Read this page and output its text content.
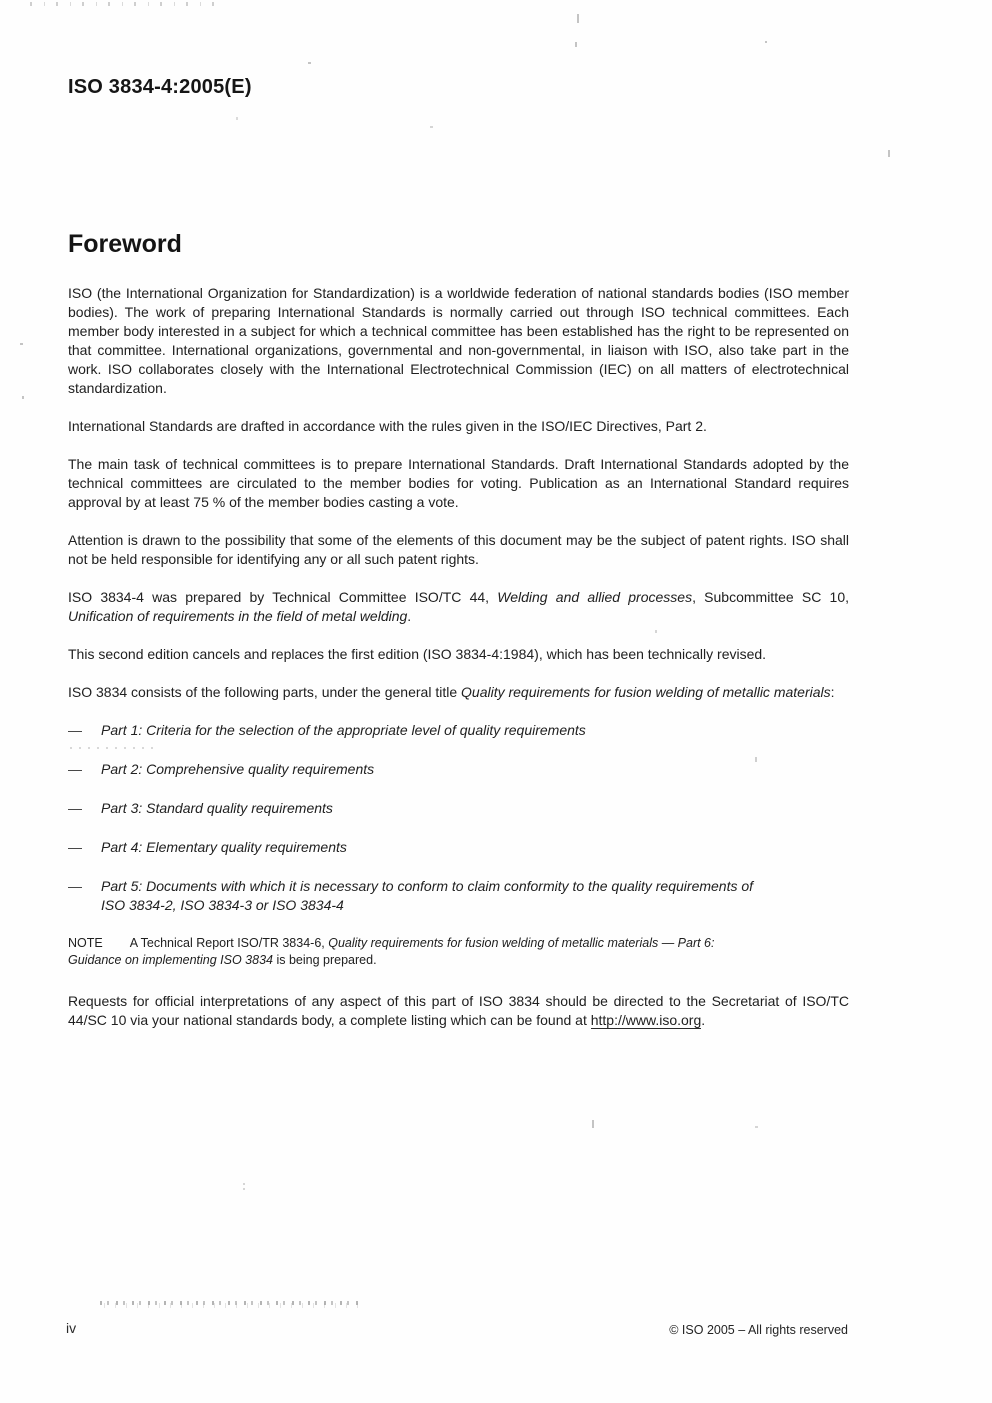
ISO 3834-4:2005(E)
Foreword

ISO (the International Organization for Standardization) is a worldwide federation of national standards bodies (ISO member bodies). The work of preparing International Standards is normally carried out through ISO technical committees. Each member body interested in a subject for which a technical committee has been established has the right to be represented on that committee. International organizations, governmental and non-governmental, in liaison with ISO, also take part in the work. ISO collaborates closely with the International Electrotechnical Commission (IEC) on all matters of electrotechnical standardization.

International Standards are drafted in accordance with the rules given in the ISO/IEC Directives, Part 2.

The main task of technical committees is to prepare International Standards. Draft International Standards adopted by the technical committees are circulated to the member bodies for voting. Publication as an International Standard requires approval by at least 75 % of the member bodies casting a vote.

Attention is drawn to the possibility that some of the elements of this document may be the subject of patent rights. ISO shall not be held responsible for identifying any or all such patent rights.

ISO 3834-4 was prepared by Technical Committee ISO/TC 44, Welding and allied processes, Subcommittee SC 10, Unification of requirements in the field of metal welding.

This second edition cancels and replaces the first edition (ISO 3834-4:1984), which has been technically revised.

ISO 3834 consists of the following parts, under the general title Quality requirements for fusion welding of metallic materials:

— Part 1: Criteria for the selection of the appropriate level of quality requirements
— Part 2: Comprehensive quality requirements
— Part 3: Standard quality requirements
— Part 4: Elementary quality requirements
— Part 5: Documents with which it is necessary to conform to claim conformity to the quality requirements of
ISO 3834-2, ISO 3834-3 or ISO 3834-4

NOTE A Technical Report ISO/TR 3834-6, Quality requirements for fusion welding of metallic materials — Part 6:
Guidance on implementing ISO 3834 is being prepared.

Requests for official interpretations of any aspect of this part of ISO 3834 should be directed to the Secretariat of ISO/TC 44/SC 10 via your national standards body, a complete listing which can be found at http://www.iso.org.

iv	© ISO 2005 – All rights reserved
